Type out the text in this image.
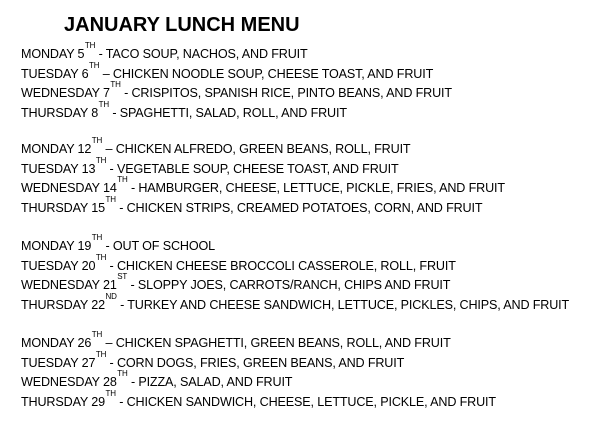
JANUARY LUNCH MENU
MONDAY 5TH - TACO SOUP, NACHOS, AND FRUIT
TUESDAY 6TH – CHICKEN NOODLE SOUP, CHEESE TOAST, AND FRUIT
WEDNESDAY 7TH - CRISPITOS, SPANISH RICE, PINTO BEANS, AND FRUIT
THURSDAY 8TH - SPAGHETTI, SALAD, ROLL, AND FRUIT
MONDAY 12TH – CHICKEN ALFREDO, GREEN BEANS, ROLL, FRUIT
TUESDAY 13TH - VEGETABLE SOUP, CHEESE TOAST, AND FRUIT
WEDNESDAY 14TH - HAMBURGER, CHEESE, LETTUCE, PICKLE, FRIES, AND FRUIT
THURSDAY 15TH - CHICKEN STRIPS, CREAMED POTATOES, CORN, AND FRUIT
MONDAY 19TH - OUT OF SCHOOL
TUESDAY 20TH - CHICKEN CHEESE BROCCOLI CASSEROLE, ROLL, FRUIT
WEDNESDAY 21ST - SLOPPY JOES, CARROTS/RANCH, CHIPS AND FRUIT
THURSDAY 22ND - TURKEY AND CHEESE SANDWICH, LETTUCE, PICKLES, CHIPS, AND FRUIT
MONDAY 26TH – CHICKEN SPAGHETTI, GREEN BEANS, ROLL, AND FRUIT
TUESDAY 27TH - CORN DOGS, FRIES, GREEN BEANS, AND FRUIT
WEDNESDAY 28TH - PIZZA, SALAD, AND FRUIT
THURSDAY 29TH - CHICKEN SANDWICH, CHEESE, LETTUCE, PICKLE, AND FRUIT
